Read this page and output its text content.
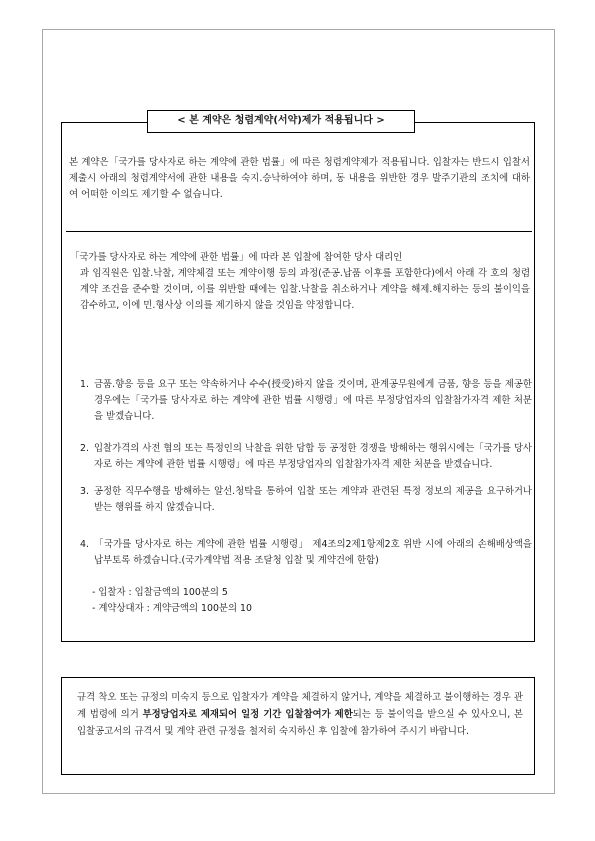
< 본 계약은 청렴계약(서약)제가 적용됩니다 >
본 계약은「국가를 당사자로 하는 계약에 관한 법률」에 따른 청렴계약제가 적용됩니다. 입찰자는 반드시 입찰서 제출시 아래의 청렴계약서에 관한 내용을 숙지.승낙하여야 하며, 동 내용을 위반한 경우 발주기관의 조치에 대하여 어떠한 이의도 제기할 수 없습니다.
「국가를 당사자로 하는 계약에 관한 법률」에 따라 본 입찰에 참여한 당사 대리인
과 임직원은 입찰.낙찰, 계약체결 또는 계약이행 등의 과정(준공.납품 이후를 포함한다)에서 아래 각 호의 청렴계약 조건을 준수할 것이며, 이를 위반할 때에는 입찰.낙찰을 취소하거나 계약을 해제.해지하는 등의 불이익을 감수하고, 이에 민.형사상 이의를 제기하지 않을 것임을 약정합니다.
1. 금품.향응 등을 요구 또는 약속하거나 수수(授受)하지 않을 것이며, 관계공무원에게 금품, 향응 등을 제공한 경우에는「국가를 당사자로 하는 계약에 관한 법률 시행령」에 따른 부정당업자의 입찰참가자격 제한 처분을 받겠습니다.
2. 입찰가격의 사전 협의 또는 특정인의 낙찰을 위한 담합 등 공정한 경쟁을 방해하는 행위시에는「국가를 당사자로 하는 계약에 관한 법률 시행령」에 따른 부정당업자의 입찰참가자격 제한 처분을 받겠습니다.
3. 공정한 직무수행을 방해하는 알선.청탁을 통하여 입찰 또는 계약과 관련된 특정 정보의 제공을 요구하거나 받는 행위를 하지 않겠습니다.
4. 「국가를 당사자로 하는 계약에 관한 법률 시행령」 제4조의2제1항제2호 위반 시에 아래의 손해배상액을 납부토록 하겠습니다.(국가계약법 적용 조달청 입찰 및 계약건에 한함)
- 입찰자 : 입찰금액의 100분의 5
- 계약상대자 : 계약금액의 100분의 10
규격 착오 또는 규정의 미숙지 등으로 입찰자가 계약을 체결하지 않거나, 계약을 체결하고 불이행하는 경우 관계 법령에 의거 부정당업자로 제재되어 일정 기간 입찰참여가 제한되는 등 불이익을 받으실 수 있사오니, 본 입찰공고서의 규격서 및 계약 관련 규정을 철저히 숙지하신 후 입찰에 참가하여 주시기 바랍니다.
